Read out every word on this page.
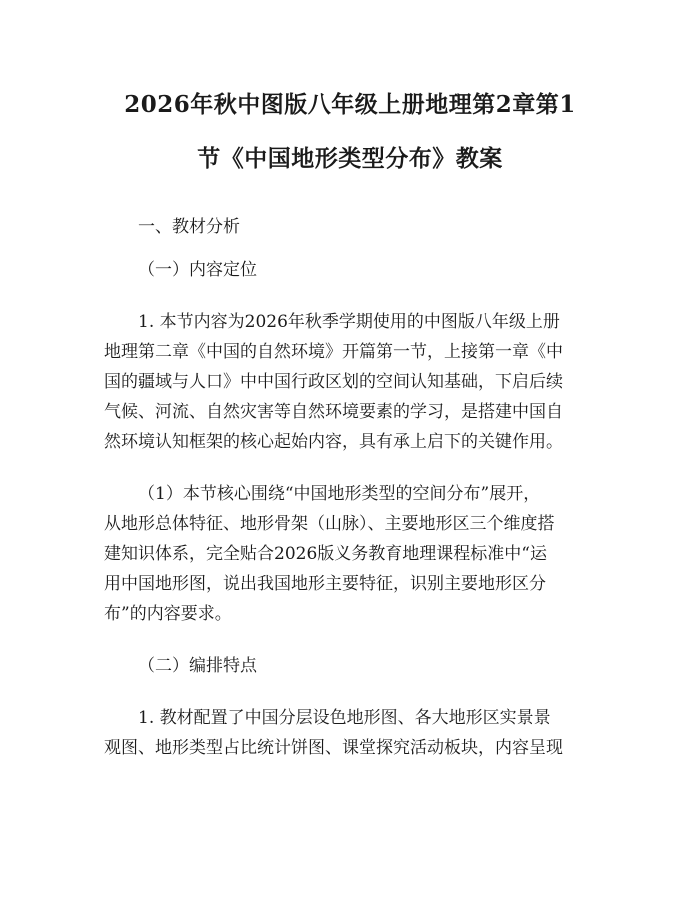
2026年秋中图版八年级上册地理第2章第1
节《中国地形类型分布》教案

一、教材分析

（一）内容定位

1. 本节内容为2026年秋季学期使用的中图版八年级上册
地理第二章《中国的自然环境》开篇第一节，上接第一章《中
国的疆域与人口》中中国行政区划的空间认知基础，下启后续
气候、河流、自然灾害等自然环境要素的学习，是搭建中国自
然环境认知框架的核心起始内容，具有承上启下的关键作用。
（1）本节核心围绕“中国地形类型的空间分布”展开，
从地形总体特征、地形骨架（山脉）、主要地形区三个维度搭
建知识体系，完全贴合2026版义务教育地理课程标准中“运
用中国地形图，说出我国地形主要特征，识别主要地形区分
布”的内容要求。

（二）编排特点

1. 教材配置了中国分层设色地形图、各大地形区实景景
观图、地形类型占比统计饼图、课堂探究活动板块，内容呈现
